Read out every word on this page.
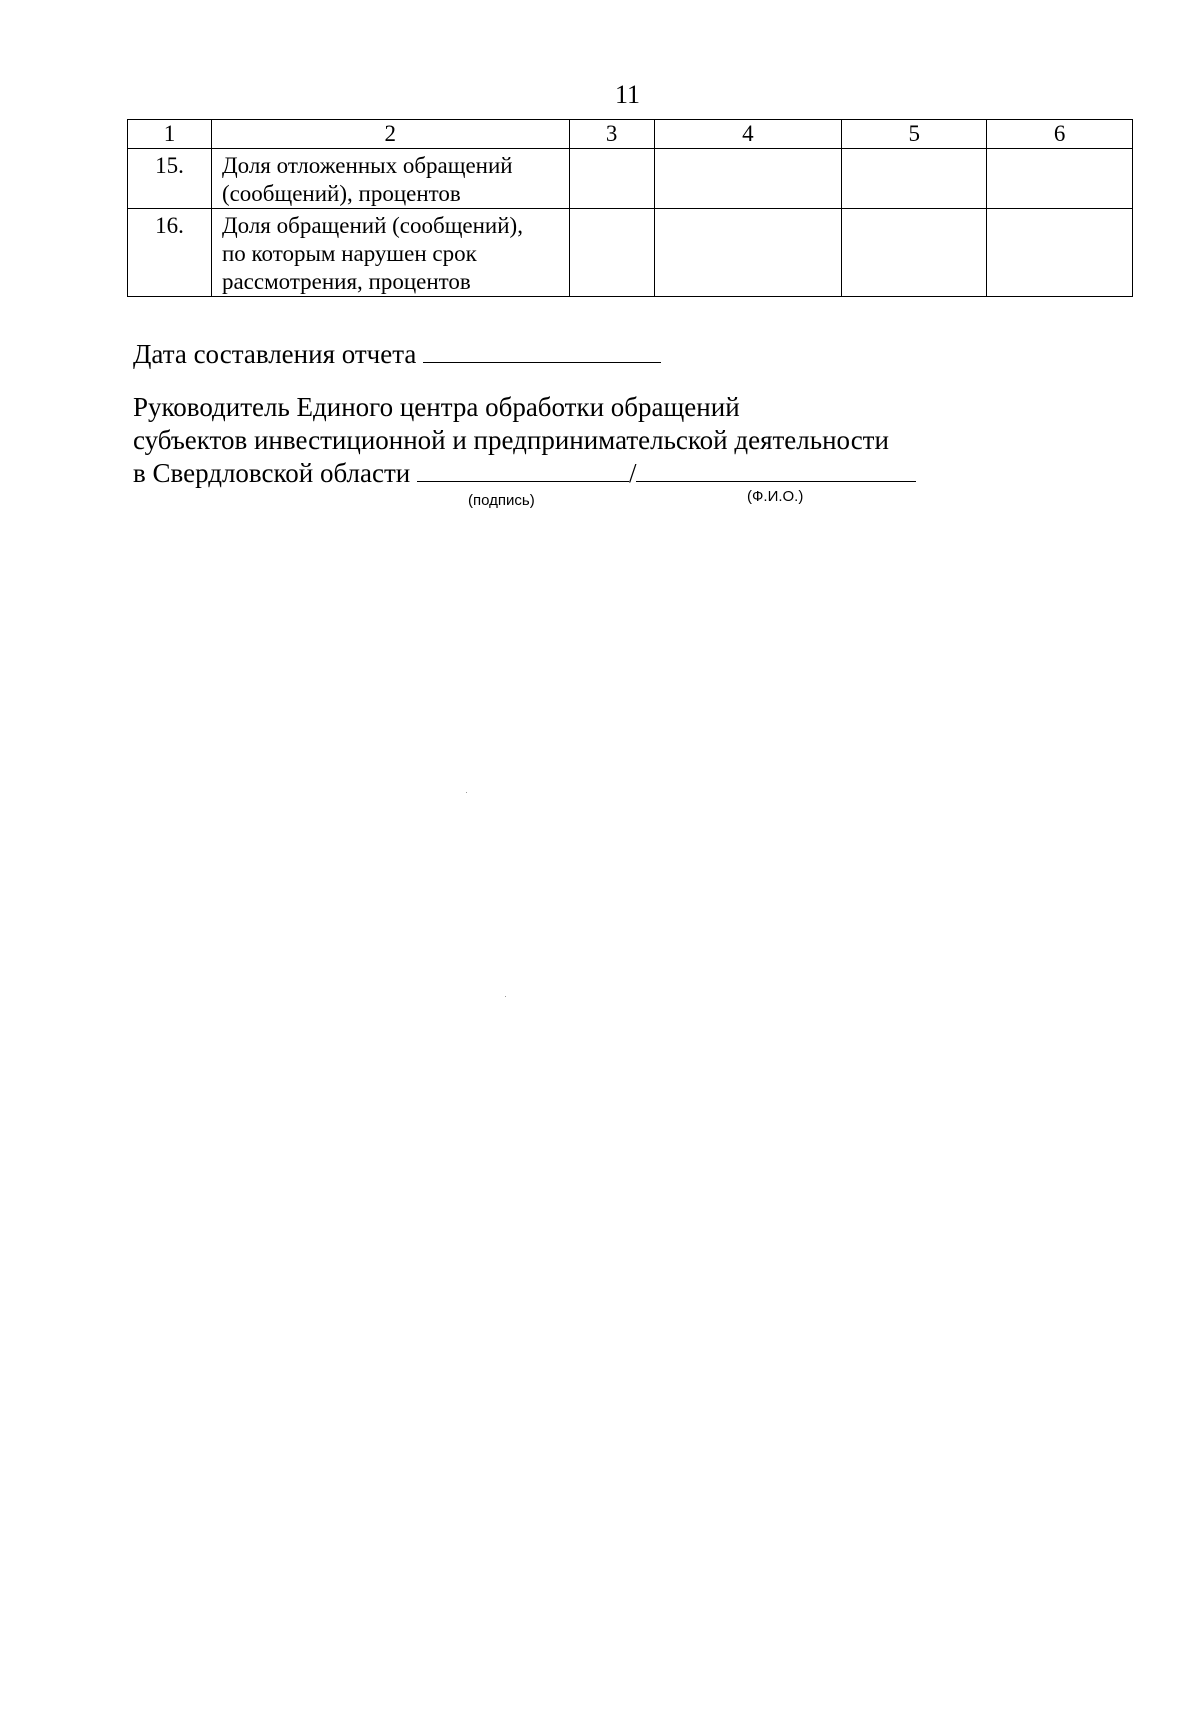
11
1	2	3	4	5	6
15.	Доля отложенных обращений
(сообщений), процентов				

16.	Доля обращений (сообщений),
по которым нарушен срок
рассмотрения, процентов				

Дата составления отчета
Руководитель Единого центра обработки обращений
субъектов инвестиционной и предпринимательской деятельности
в Свердловской области	/
(подпись)	(Ф.И.О.)
